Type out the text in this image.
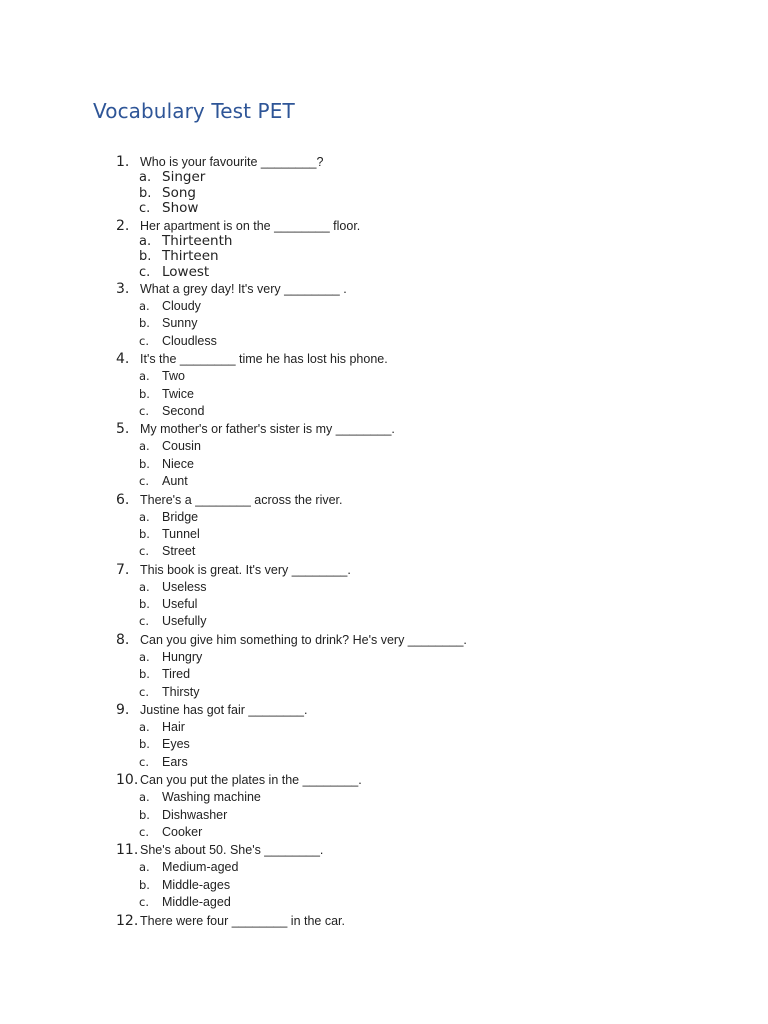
Vocabulary Test PET
1. Who is your favourite ________?
a. Singer
b. Song
c. Show
2. Her apartment is on the ________ floor.
a. Thirteenth
b. Thirteen
c. Lowest
3. What a grey day! It's very ________ .
a. Cloudy
b. Sunny
c. Cloudless
4. It's the ________ time he has lost his phone.
a. Two
b. Twice
c. Second
5. My mother's or father's sister is my ________.
a. Cousin
b. Niece
c. Aunt
6. There's a ________ across the river.
a. Bridge
b. Tunnel
c. Street
7. This book is great. It's very ________.
a. Useless
b. Useful
c. Usefully
8. Can you give him something to drink? He's very ________.
a. Hungry
b. Tired
c. Thirsty
9. Justine has got fair ________.
a. Hair
b. Eyes
c. Ears
10. Can you put the plates in the ________.
a. Washing machine
b. Dishwasher
c. Cooker
11. She's about 50. She's ________.
a. Medium-aged
b. Middle-ages
c. Middle-aged
12. There were four ________ in the car.
